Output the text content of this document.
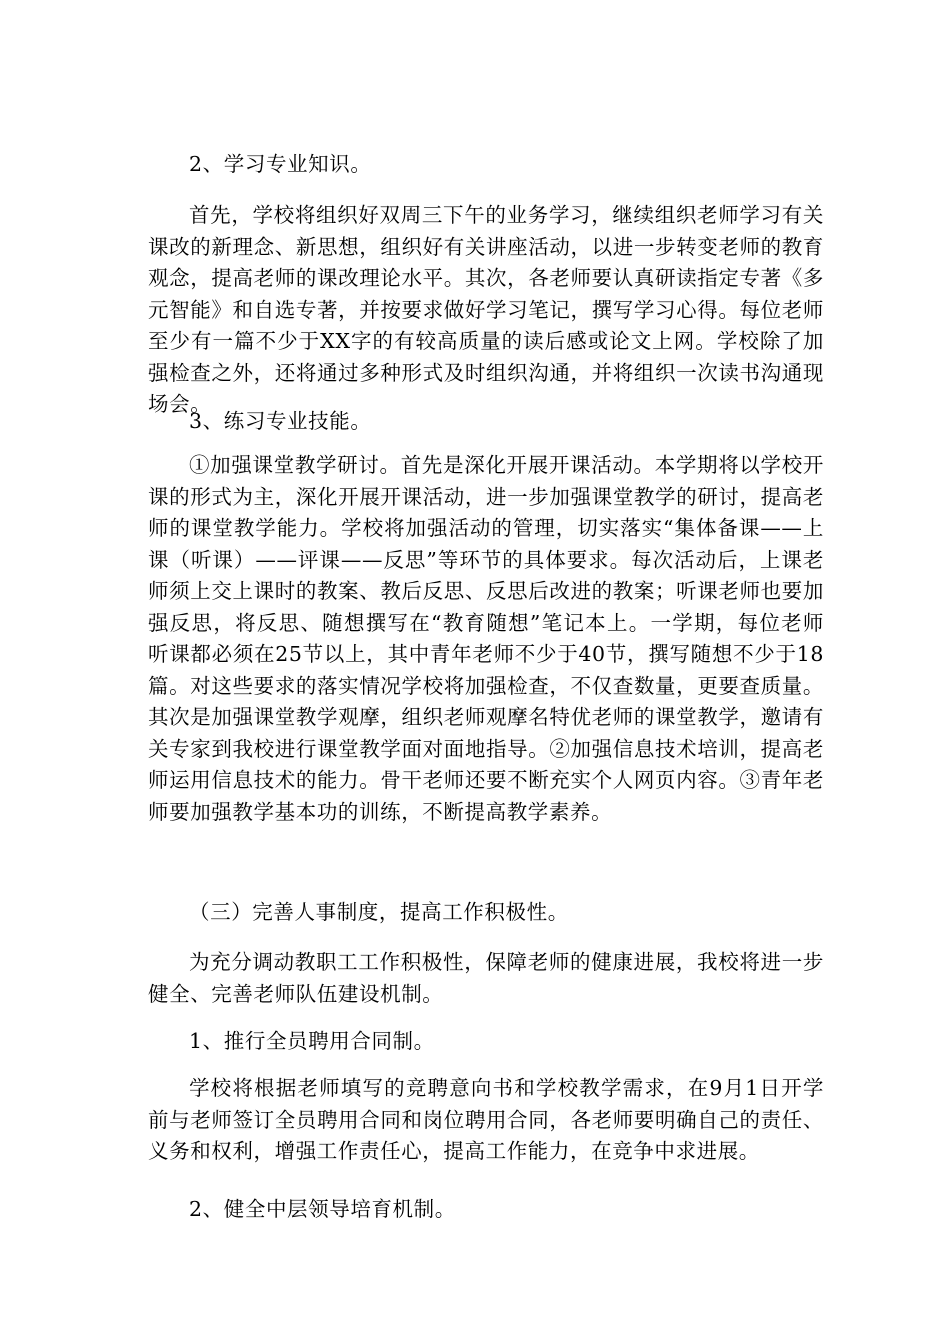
2、学习专业知识。

首先，学校将组织好双周三下午的业务学习，继续组织老师学习有关课改的新理念、新思想，组织好有关讲座活动，以进一步转变老师的教育观念，提高老师的课改理论水平。其次，各老师要认真研读指定专著《多元智能》和自选专著，并按要求做好学习笔记，撰写学习心得。每位老师至少有一篇不少于XX字的有较高质量的读后感或论文上网。学校除了加强检查之外，还将通过多种形式及时组织沟通，并将组织一次读书沟通现场会。

3、练习专业技能。

①加强课堂教学研讨。首先是深化开展开课活动。本学期将以学校开课的形式为主，深化开展开课活动，进一步加强课堂教学的研讨，提高老师的课堂教学能力。学校将加强活动的管理，切实落实“集体备课——上课（听课）——评课——反思”等环节的具体要求。每次活动后，上课老师须上交上课时的教案、教后反思、反思后改进的教案；听课老师也要加强反思，将反思、随想撰写在“教育随想”笔记本上。一学期，每位老师听课都必须在25节以上，其中青年老师不少于40节，撰写随想不少于18篇。对这些要求的落实情况学校将加强检查，不仅查数量，更要查质量。其次是加强课堂教学观摩，组织老师观摩名特优老师的课堂教学，邀请有关专家到我校进行课堂教学面对面地指导。②加强信息技术培训，提高老师运用信息技术的能力。骨干老师还要不断充实个人网页内容。③青年老师要加强教学基本功的训练，不断提高教学素养。

（三）完善人事制度，提高工作积极性。

为充分调动教职工工作积极性，保障老师的健康进展，我校将进一步健全、完善老师队伍建设机制。

1、推行全员聘用合同制。

学校将根据老师填写的竞聘意向书和学校教学需求，在9月1日开学前与老师签订全员聘用合同和岗位聘用合同，各老师要明确自己的责任、义务和权利，增强工作责任心，提高工作能力，在竞争中求进展。

2、健全中层领导培育机制。
